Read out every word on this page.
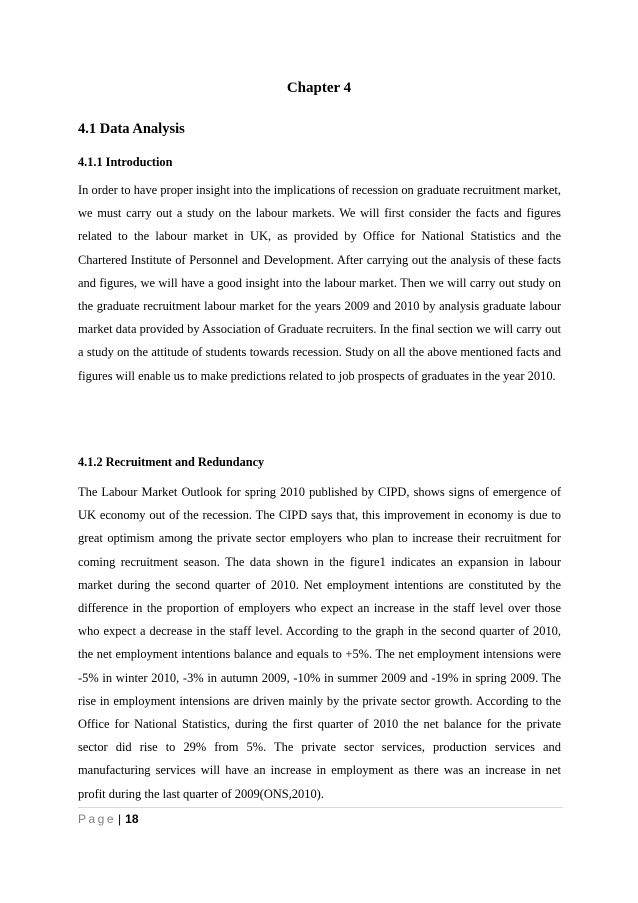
Chapter 4
4.1 Data Analysis
4.1.1 Introduction

In order to have proper insight into the implications of recession on graduate recruitment market, we must carry out a study on the labour markets. We will first consider the facts and figures related to the labour market in UK, as provided by Office for National Statistics and the Chartered Institute of Personnel and Development. After carrying out the analysis of these facts and figures, we will have a good insight into the labour market. Then we will carry out study on the graduate recruitment labour market for the years 2009 and 2010 by analysis graduate labour market data provided by Association of Graduate recruiters. In the final section we will carry out a study on the attitude of students towards recession. Study on all the above mentioned facts and figures will enable us to make predictions related to job prospects of graduates in the year 2010.

4.1.2 Recruitment and Redundancy

The Labour Market Outlook for spring 2010 published by CIPD, shows signs of emergence of UK economy out of the recession. The CIPD says that, this improvement in economy is due to great optimism among the private sector employers who plan to increase their recruitment for coming recruitment season. The data shown in the figure1 indicates an expansion in labour market during the second quarter of 2010. Net employment intentions are constituted by the difference in the proportion of employers who expect an increase in the staff level over those who expect a decrease in the staff level. According to the graph in the second quarter of 2010, the net employment intentions balance and equals to +5%. The net employment intensions were -5% in winter 2010, -3% in autumn 2009, -10% in summer 2009 and -19% in spring 2009. The rise in employment intensions are driven mainly by the private sector growth. According to the Office for National Statistics, during the first quarter of 2010 the net balance for the private sector did rise to 29% from 5%. The private sector services, production services and manufacturing services will have an increase in employment as there was an increase in net profit during the last quarter of 2009(ONS,2010).

Page | 18
